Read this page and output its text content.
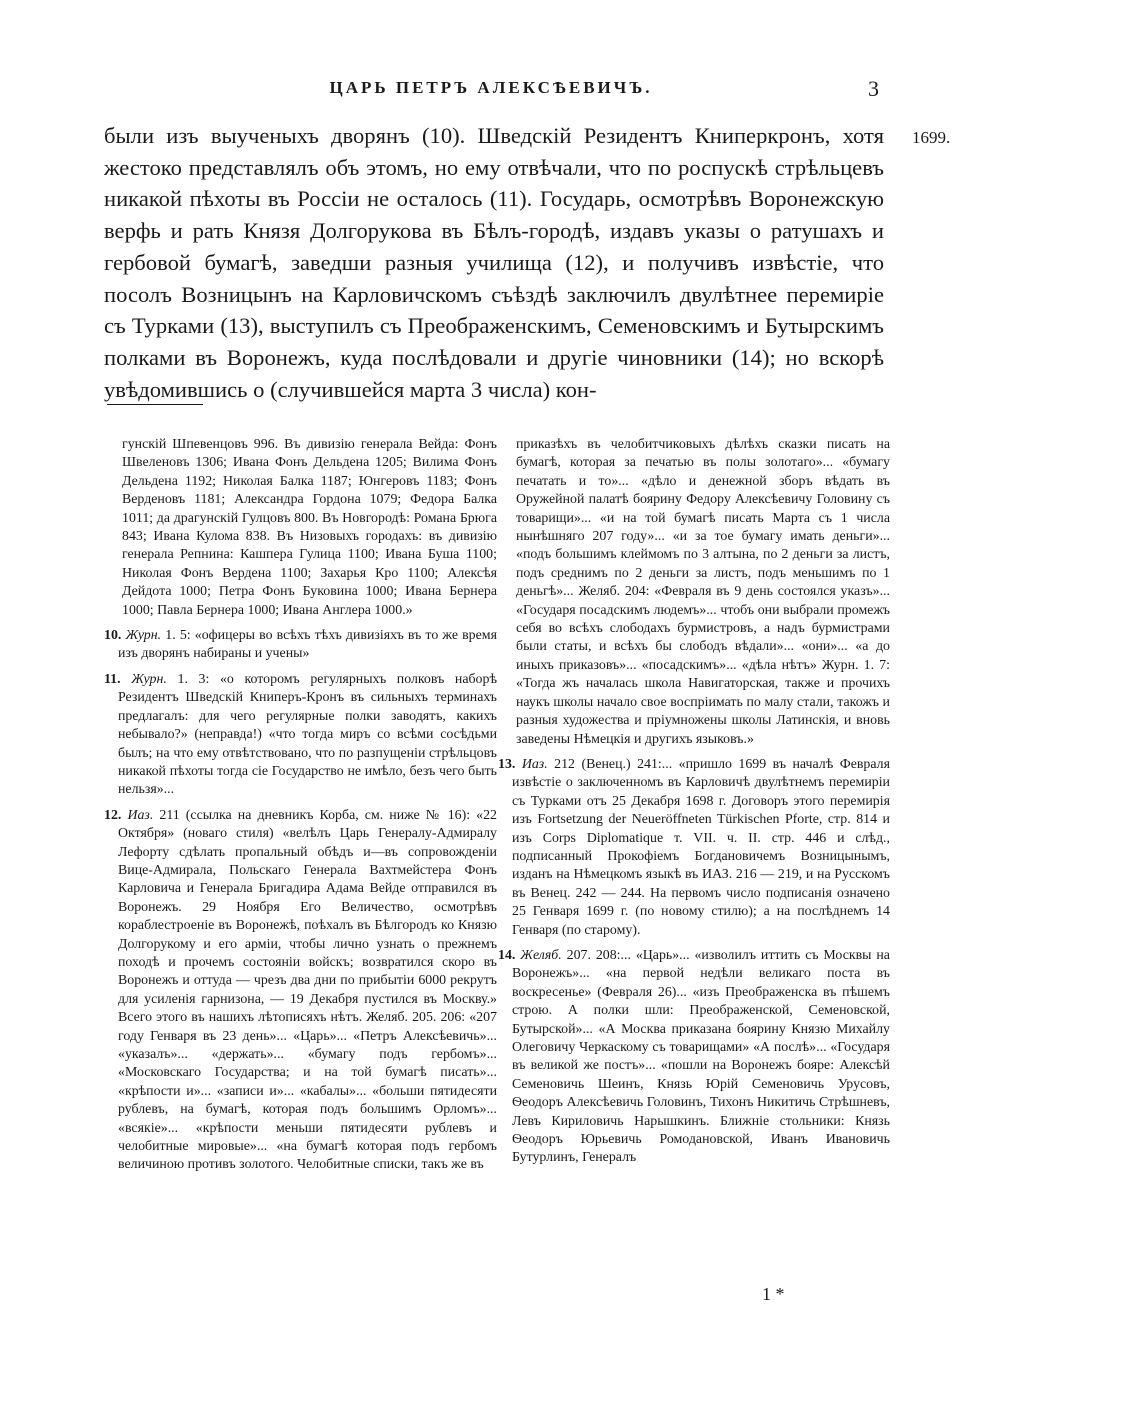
ЦАРЬ ПЕТРЪ АЛЕКСѢЕВИЧЪ.	3
1699.

были изъ выученыхъ дворянъ (10). Шведскій Резидентъ Книперкронъ, хотя жестоко представлялъ объ этомъ, но ему отвѣчали, что по роспускѣ стрѣльцевъ никакой пѣхоты въ Россіи не осталось (11). Государь, осмотрѣвъ Воронежскую верфь и рать Князя Долгорукова въ Бѣлъ-городѣ, издавъ указы о ратушахъ и гербовой бумагѣ, заведши разныя училища (12), и получивъ извѣстіе, что посолъ Возницынъ на Карловичскомъ съѣздѣ заключилъ двулѣтнее перемиріе съ Турками (13), выступилъ съ Преображенскимъ, Семеновскимъ и Бутырскимъ полками въ Воронежъ, куда послѣдовали и другіе чиновники (14); но вскорѣ увѣдомившись о (случившейся марта 3 числа) кон-

гунскій Шпевенцовъ 996. Въ дивизію генерала Вейда: Фонъ Швеленовъ 1306; Ивана Фонъ Дельдена 1205; Вилима Фонъ Дельдена 1192; Николая Балка 1187; Юнгеровъ 1183; Фонъ Верденовъ 1181; Александра Гордона 1079; Федора Балка 1011; да драгунскій Гулцовъ 800. Въ Новгородѣ: Романа Брюга 843; Ивана Кулома 838. Въ Низовыхъ городахъ: въ дивизію генерала Репнина: Кашпера Гулица 1100; Ивана Буша 1100; Николая Фонъ Вердена 1100; Захарья Кро 1100; Алексѣя Дейдота 1000; Петра Фонъ Буковина 1000; Ивана Бернера 1000; Павла Бернера 1000; Ивана Англера 1000.»

10. Журн. 1. 5: «офицеры во всѣхъ тѣхъ дивизіяхъ въ то же время изъ дворянъ набираны и учены»

11. Журн. 1. 3: «о которомъ регулярныхъ полковъ наборѣ Резидентъ Шведскій Книперъ-Кронъ въ сильныхъ терминахъ предлагалъ: для чего регулярные полки заводятъ, какихъ небывало?» (неправда!) «что тогда миръ со всѣми сосѣдьми былъ; на что ему отвѣтствовано, что по разпущеніи стрѣльцовъ никакой пѣхоты тогда сіе Государство не имѣло, безъ чего быть нельзя»...

12. Иаз. 211 (ссылка на дневникъ Корба, см. ниже № 16): «22 Октября» (новаго стиля) «велѣлъ Царь Генералу-Адмиралу Лефорту сдѣлать пропальный обѣдъ и—въ сопровожденіи Вице-Адмирала, Польскаго Генерала Вахтмейстера Фонъ Карловича и Генерала Бригадира Адама Вейде отправился въ Воронежъ. 29 Ноября Его Величество, осмотрѣвъ кораблестроеніе въ Воронежѣ, поѣхалъ въ Бѣлгородъ ко Князю Долгорукому и его арміи, чтобы лично узнать о прежнемъ походѣ и прочемъ состояніи войскъ; возвратился скоро въ Воронежъ и оттуда — чрезъ два дни по прибытіи 6000 рекрутъ для усиленія гарнизона, — 19 Декабря пустился въ Москву.» Всего этого въ нашихъ лѣтописяхъ нѣтъ. Желяб. 205. 206: «207 году Генваря въ 23 день»... «Царь»... «Петръ Алексѣевичь»... «указалъ»... «держать»... «бумагу подъ гербомъ»... «Московскаго Государства; и на той бумагѣ писать»... «крѣпости и»... «записи и»... «кабалы»... «больши пятидесяти рублевъ, на бумагѣ, которая подъ большимъ Орломъ»... «всякіе»... «крѣпости меньши пятидесяти рублевъ и челобитные мировые»... «на бумагѣ которая подъ гербомъ величиною противъ золотого. Челобитные списки, такъ же въ

приказѣхъ въ челобитчиковыхъ дѣлѣхъ сказки писать на бумагѣ, которая за печатью въ полы золотаго»... «бумагу печатать и то»... «дѣло и денежной зборъ вѣдать въ Оружейной палатѣ боярину Федору Алексѣевичу Головину съ товарищи»... «и на той бумагѣ писать Марта съ 1 числа нынѣшняго 207 году»... «и за тое бумагу имать деньги»... «подъ большимъ клеймомъ по 3 алтына, по 2 деньги за листъ, подъ среднимъ по 2 деньги за листъ, подъ меньшимъ по 1 деньгѣ»... Желяб. 204: «Февраля въ 9 день состоялся указъ»... «Государя посадскимъ людемъ»... чтобъ они выбрали промежъ себя во всѣхъ слободахъ бурмистровъ, а надъ бурмистрами были статы, и всѣхъ бы слободъ вѣдали»... «они»... «а до иныхъ приказовъ»... «посадскимъ»... «дѣла нѣтъ» Журн. 1. 7: «Тогда жъ началась школа Навигаторская, также и прочихъ наукъ школы начало свое воспріимать по малу стали, такожъ и разныя художества и пріумножены школы Латинскія, и вновь заведены Нѣмецкія и другихъ языковъ.»

13. Иаз. 212 (Венец.) 241:... «пришло 1699 въ началѣ Февраля извѣстіе о заключенномъ въ Карловичѣ двулѣтнемъ перемиріи съ Турками отъ 25 Декабря 1698 г. Договоръ этого перемирія изъ Fortsetzung der Neueröffneten Türkischen Pforte, стр. 814 и изъ Corps Diplomatique т. VII. ч. II. стр. 446 и слѣд., подписанный Прокофіемъ Богдановичемъ Возницынымъ, изданъ на Нѣмецкомъ языкѣ въ ИАЗ. 216 — 219, и на Русскомъ въ Венец. 242 — 244. На первомъ число подписанія означено 25 Генваря 1699 г. (по новому стилю); а на послѣднемъ 14 Генваря (по старому).

14. Желяб. 207. 208:... «Царь»... «изволилъ иттить съ Москвы на Воронежъ»... «на первой недѣли великаго поста въ воскресенье» (Февраля 26)... «изъ Преображенска въ пѣшемъ строю. А полки шли: Преображенской, Семеновской, Бутырской»... «А Москва приказана боярину Князю Михайлу Олеговичу Черкаскому съ товарищами» «А послѣ»... «Государя въ великой же постъ»... «пошли на Воронежъ бояре: Алексѣй Семеновичь Шеинъ, Князь Юрій Семеновичь Урусовъ, Ѳеодоръ Алексѣевичь Головинъ, Тихонъ Никитичь Стрѣшневъ, Левъ Кириловичь Нарышкинъ. Ближніе стольники: Князь Ѳеодоръ Юрьевичь Ромодановской, Иванъ Ивановичь Бутурлинъ, Генералъ

1 *
